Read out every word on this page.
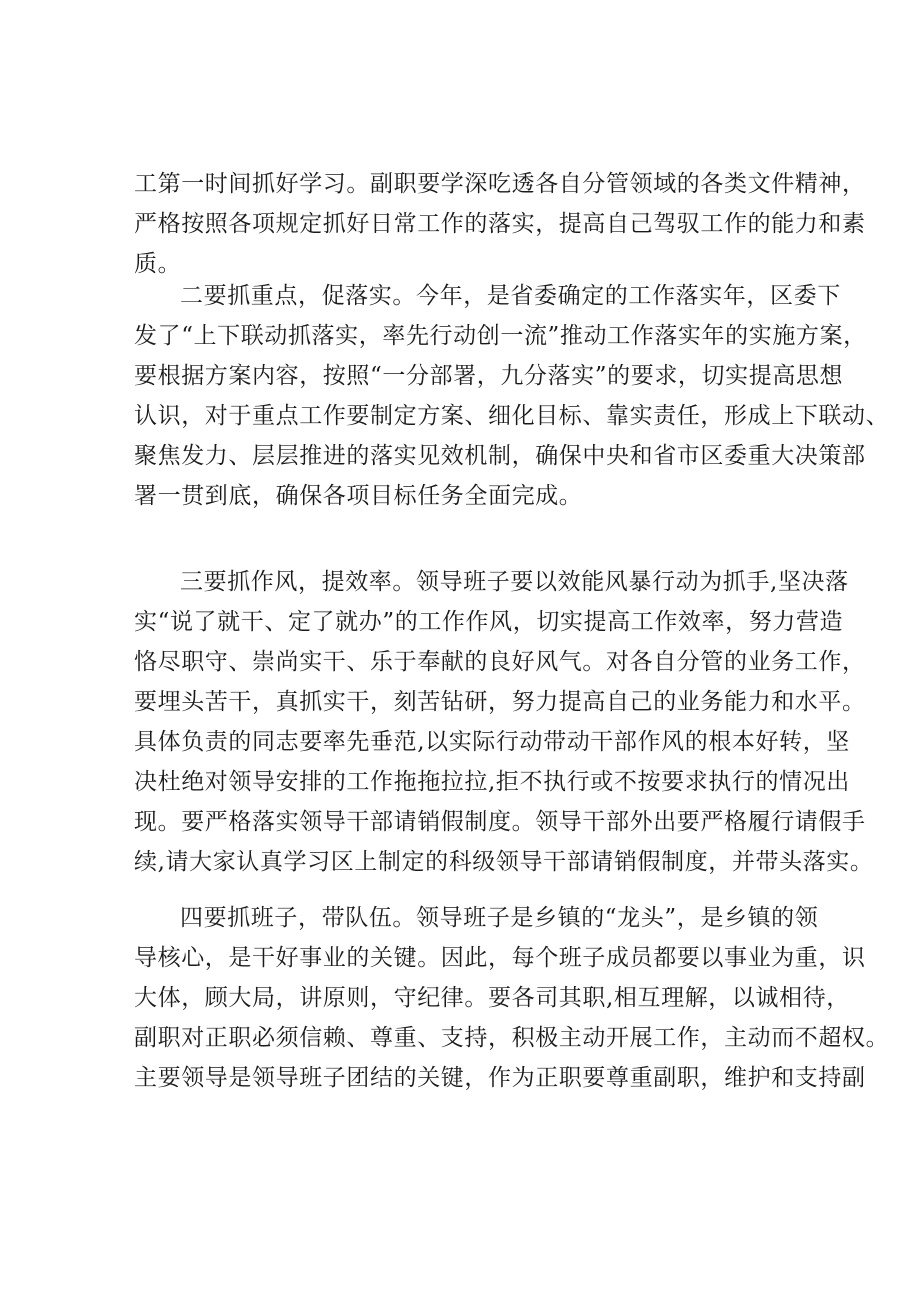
工第一时间抓好学习。副职要学深吃透各自分管领域的各类文件精神，
严格按照各项规定抓好日常工作的落实，提高自己驾驭工作的能力和素
质。
二要抓重点，促落实。今年，是省委确定的工作落实年，区委下
发了“上下联动抓落实，率先行动创一流”推动工作落实年的实施方案，
要根据方案内容，按照“一分部署，九分落实”的要求，切实提高思想
认识，对于重点工作要制定方案、细化目标、靠实责任，形成上下联动、
聚焦发力、层层推进的落实见效机制，确保中央和省市区委重大决策部
署一贯到底，确保各项目标任务全面完成。
三要抓作风，提效率。领导班子要以效能风暴行动为抓手,坚决落
实“说了就干、定了就办”的工作作风，切实提高工作效率，努力营造
恪尽职守、崇尚实干、乐于奉献的良好风气。对各自分管的业务工作，
要埋头苦干，真抓实干，刻苦钻研，努力提高自己的业务能力和水平。
具体负责的同志要率先垂范,以实际行动带动干部作风的根本好转，坚
决杜绝对领导安排的工作拖拖拉拉,拒不执行或不按要求执行的情况出
现。要严格落实领导干部请销假制度。领导干部外出要严格履行请假手
续,请大家认真学习区上制定的科级领导干部请销假制度，并带头落实。
四要抓班子，带队伍。领导班子是乡镇的“龙头”，是乡镇的领
导核心，是干好事业的关键。因此，每个班子成员都要以事业为重，识
大体，顾大局，讲原则，守纪律。要各司其职,相互理解，以诚相待，
副职对正职必须信赖、尊重、支持，积极主动开展工作，主动而不超权。
主要领导是领导班子团结的关键，作为正职要尊重副职，维护和支持副
